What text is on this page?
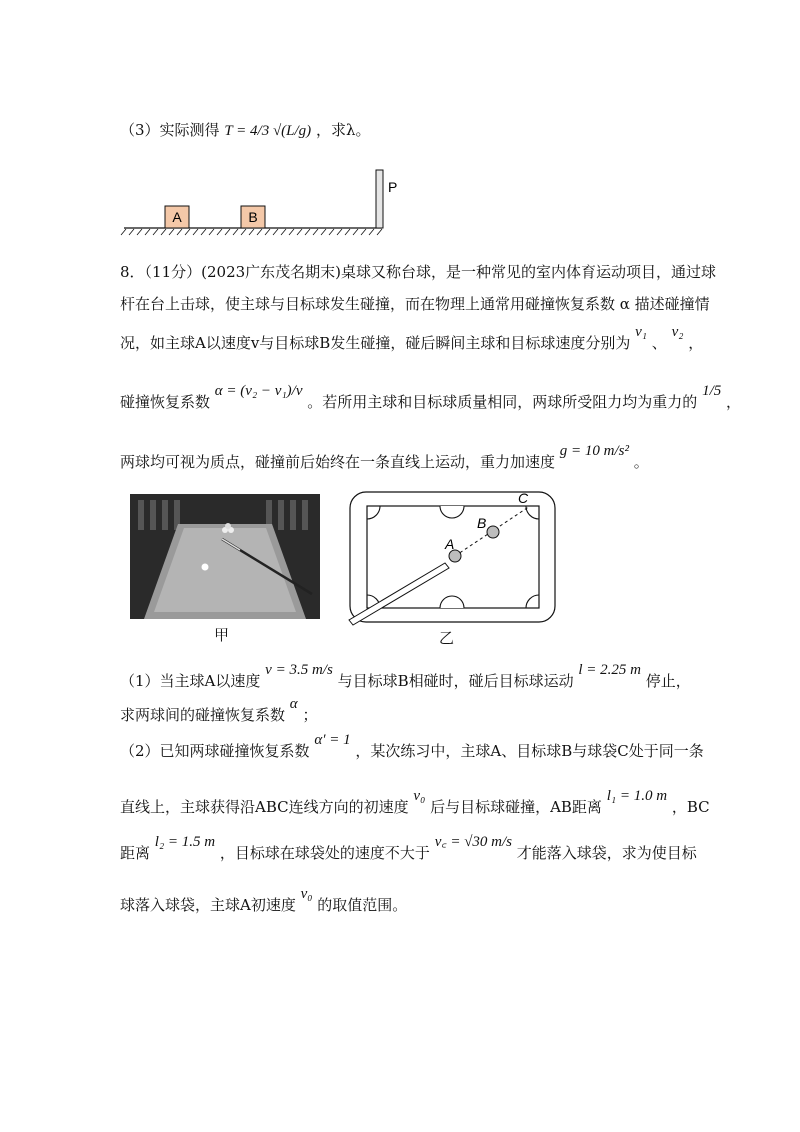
（3）实际测得 T = 4/3 √(L/g) ，求λ。
A	B
P
8．（11分）(2023广东茂名期末)桌球又称台球，是一种常见的室内体育运动项目，通过球
杆在台上击球，使主球与目标球发生碰撞，而在物理上通常用碰撞恢复系数 α 描述碰撞情
况，如主球A以速度v与目标球B发生碰撞，碰后瞬间主球和目标球速度分别为 v₁ 、 v₂ ，
碰撞恢复系数 α = (v₂ − v₁)/v 。若所用主球和目标球质量相同，两球所受阻力均为重力的 1/5 ，
两球均可视为质点，碰撞前后始终在一条直线上运动，重力加速度 g = 10 m/s² 。
A
B
C
甲	乙
（1）当主球A以速度 v = 3.5 m/s 与目标球B相碰时，碰后目标球运动 l = 2.25 m 停止，
求两球间的碰撞恢复系数 α ；
（2）已知两球碰撞恢复系数 α′ = 1 ，某次练习中，主球A、目标球B与球袋C处于同一条
直线上，主球获得沿ABC连线方向的初速度 v₀ 后与目标球碰撞，AB距离 l₁ = 1.0 m ，BC
距离 l₂ = 1.5 m ，目标球在球袋处的速度不大于 v꜀ = √30 m/s 才能落入球袋，求为使目标
球落入球袋，主球A初速度 v₀ 的取值范围。
